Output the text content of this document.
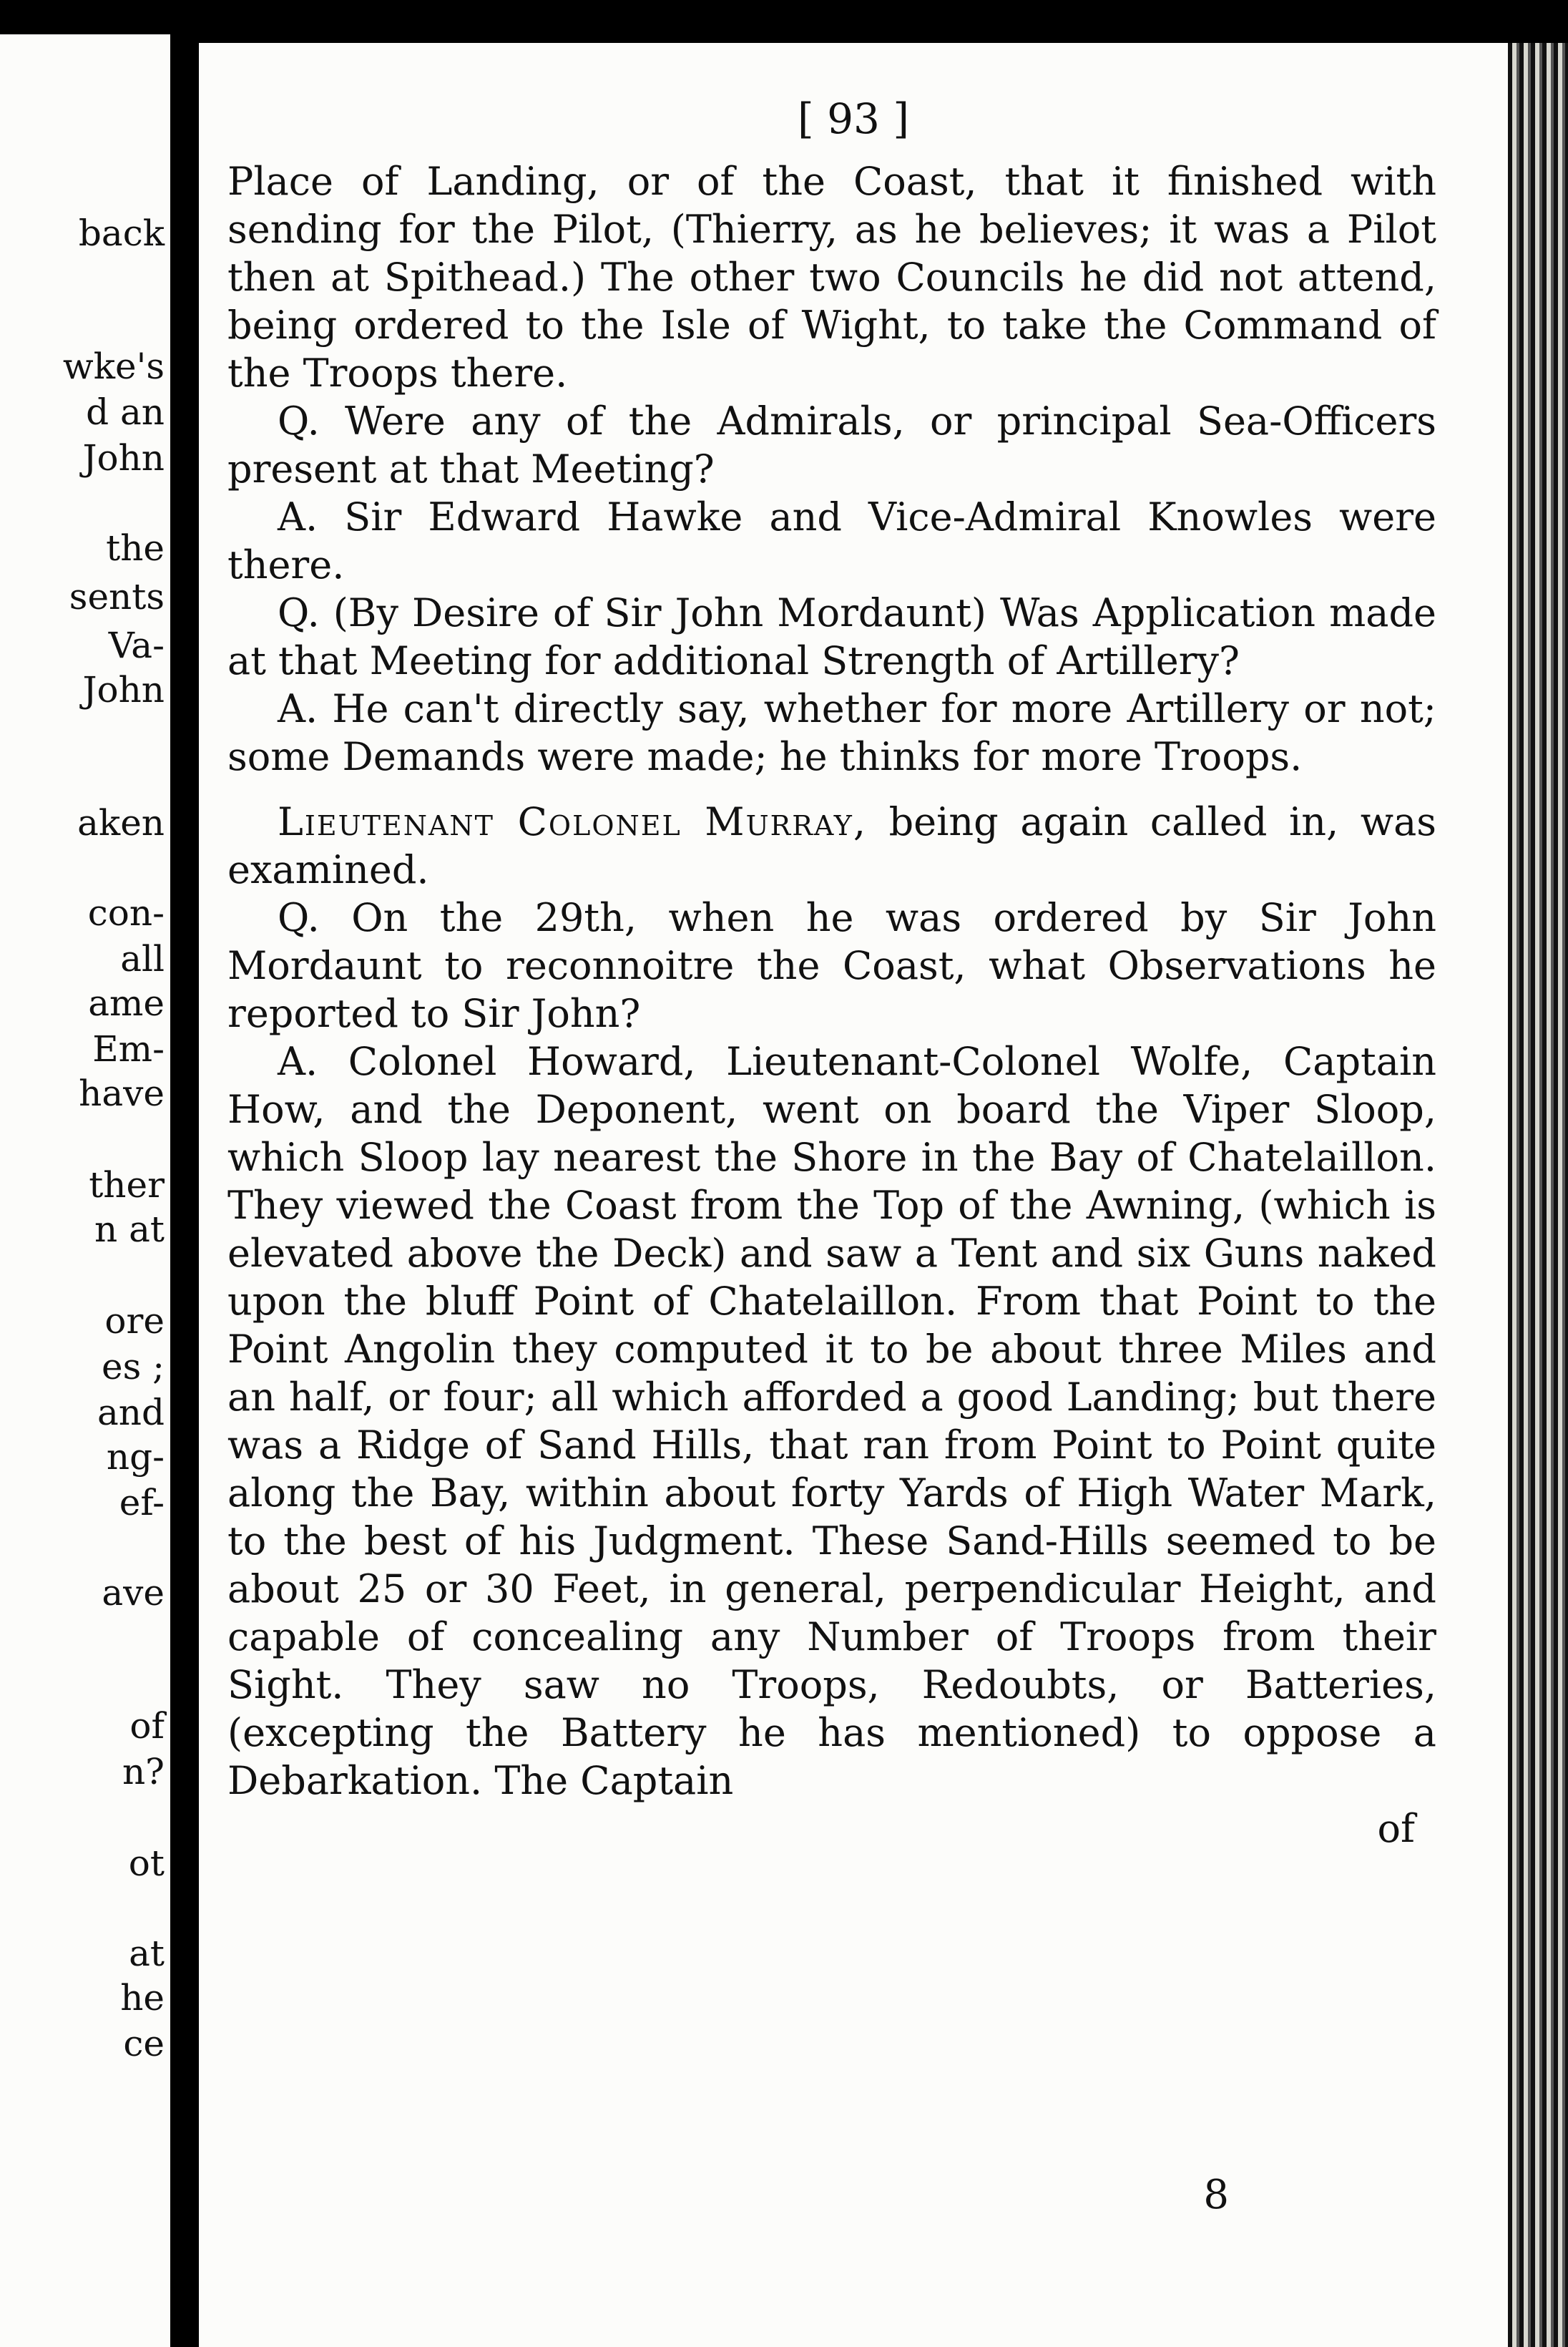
back
wke's
d an
John
the
sents
Va-
John
aken
con-
all
ame
Em-
have
ther
n at
ore
es ;
and
ng-
ef-
ave
of
n?
ot
at
he
ce
[ 93 ]

Place of Landing, or of the Coast, that it finished with sending for the Pilot, (Thierry, as he believes; it was a Pilot then at Spithead.) The other two Councils he did not attend, being ordered to the Isle of Wight, to take the Command of the Troops there.

Q. Were any of the Admirals, or principal Sea-Officers present at that Meeting?

A. Sir Edward Hawke and Vice-Admiral Knowles were there.

Q. (By Desire of Sir John Mordaunt) Was Application made at that Meeting for additional Strength of Artillery?

A. He can't directly say, whether for more Artillery or not; some Demands were made; he thinks for more Troops.

Lieutenant Colonel Murray, being again called in, was examined.

Q. On the 29th, when he was ordered by Sir John Mordaunt to reconnoitre the Coast, what Observations he reported to Sir John?

A. Colonel Howard, Lieutenant-Colonel Wolfe, Captain How, and the Deponent, went on board the Viper Sloop, which Sloop lay nearest the Shore in the Bay of Chatelaillon. They viewed the Coast from the Top of the Awning, (which is elevated above the Deck) and saw a Tent and six Guns naked upon the bluff Point of Chatelaillon. From that Point to the Point Angolin they computed it to be about three Miles and an half, or four; all which afforded a good Landing; but there was a Ridge of Sand Hills, that ran from Point to Point quite along the Bay, within about forty Yards of High Water Mark, to the best of his Judgment. These Sand-Hills seemed to be about 25 or 30 Feet, in general, perpendicular Height, and capable of concealing any Number of Troops from their Sight. They saw no Troops, Redoubts, or Batteries, (excepting the Battery he has mentioned) to oppose a Debarkation. The Captain

of

8
